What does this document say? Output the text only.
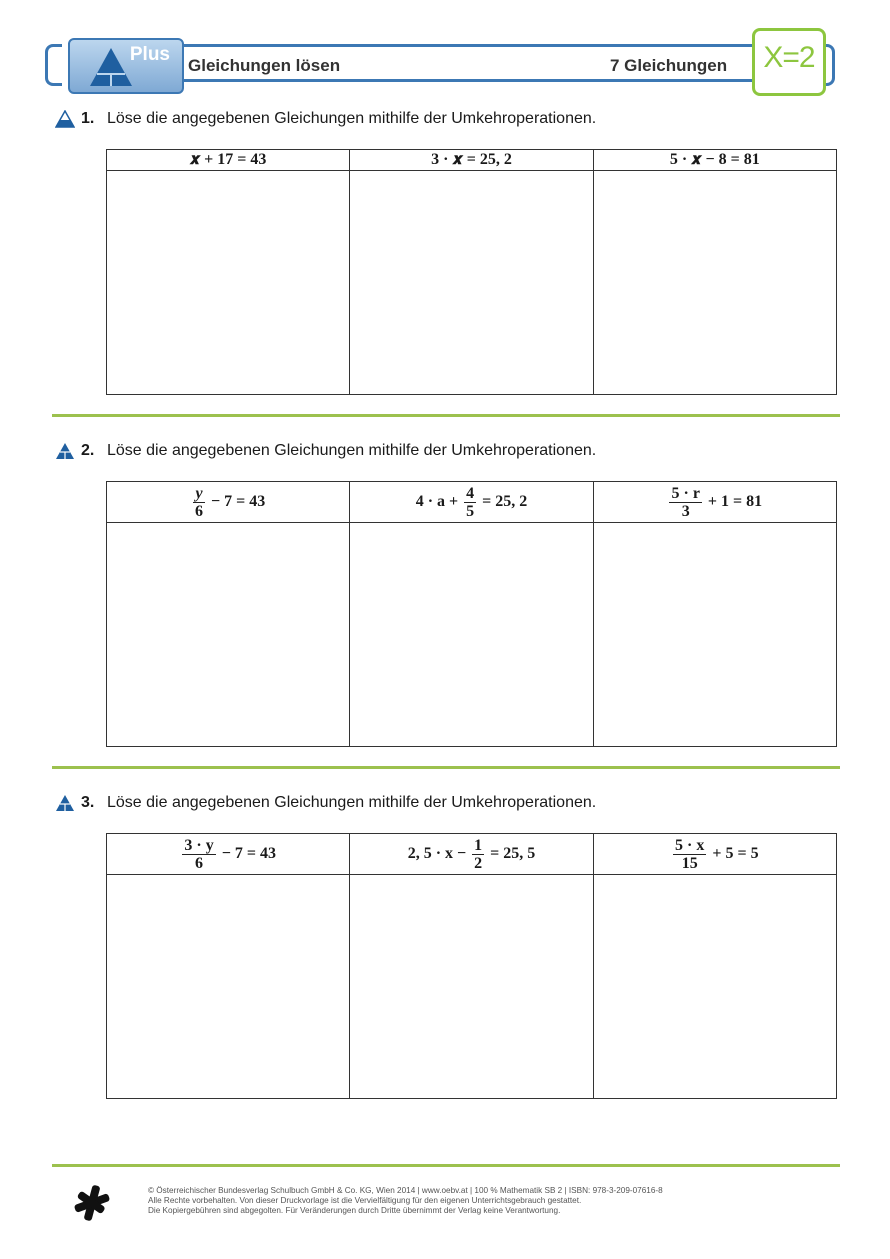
Plus
Gleichungen lösen	7 Gleichungen X=2
1. Löse die angegebenen Gleichungen mithilfe der Umkehroperationen.
𝒙 + 17 = 43	3 · 𝒙 = 25, 2	5 · 𝒙 − 8 = 81

2. Löse die angegebenen Gleichungen mithilfe der Umkehroperationen.
$\frac{y}{6} - 7 = 43$	$4 \cdot a + \frac{4}{5} = 25$, 2	$\frac{5 \cdot r}{3} + 1 = 81$

3. Löse die angegebenen Gleichungen mithilfe der Umkehroperationen.
$\frac{3 \cdot y}{6} - 7 = 43$	2, $5 \cdot x - \frac{1}{2} = 25$, 5	$\frac{5 \cdot x}{15} + 5 = 5$

© Österreichischer Bundesverlag Schulbuch GmbH & Co. KG, Wien 2014 | www.oebv.at | 100 % Mathematik SB 2 | ISBN: 978-3-209-07616-8
Alle Rechte vorbehalten. Von dieser Druckvorlage ist die Vervielfältigung für den eigenen Unterrichtsgebrauch gestattet.
Die Kopiergebühren sind abgegolten. Für Veränderungen durch Dritte übernimmt der Verlag keine Verantwortung.
